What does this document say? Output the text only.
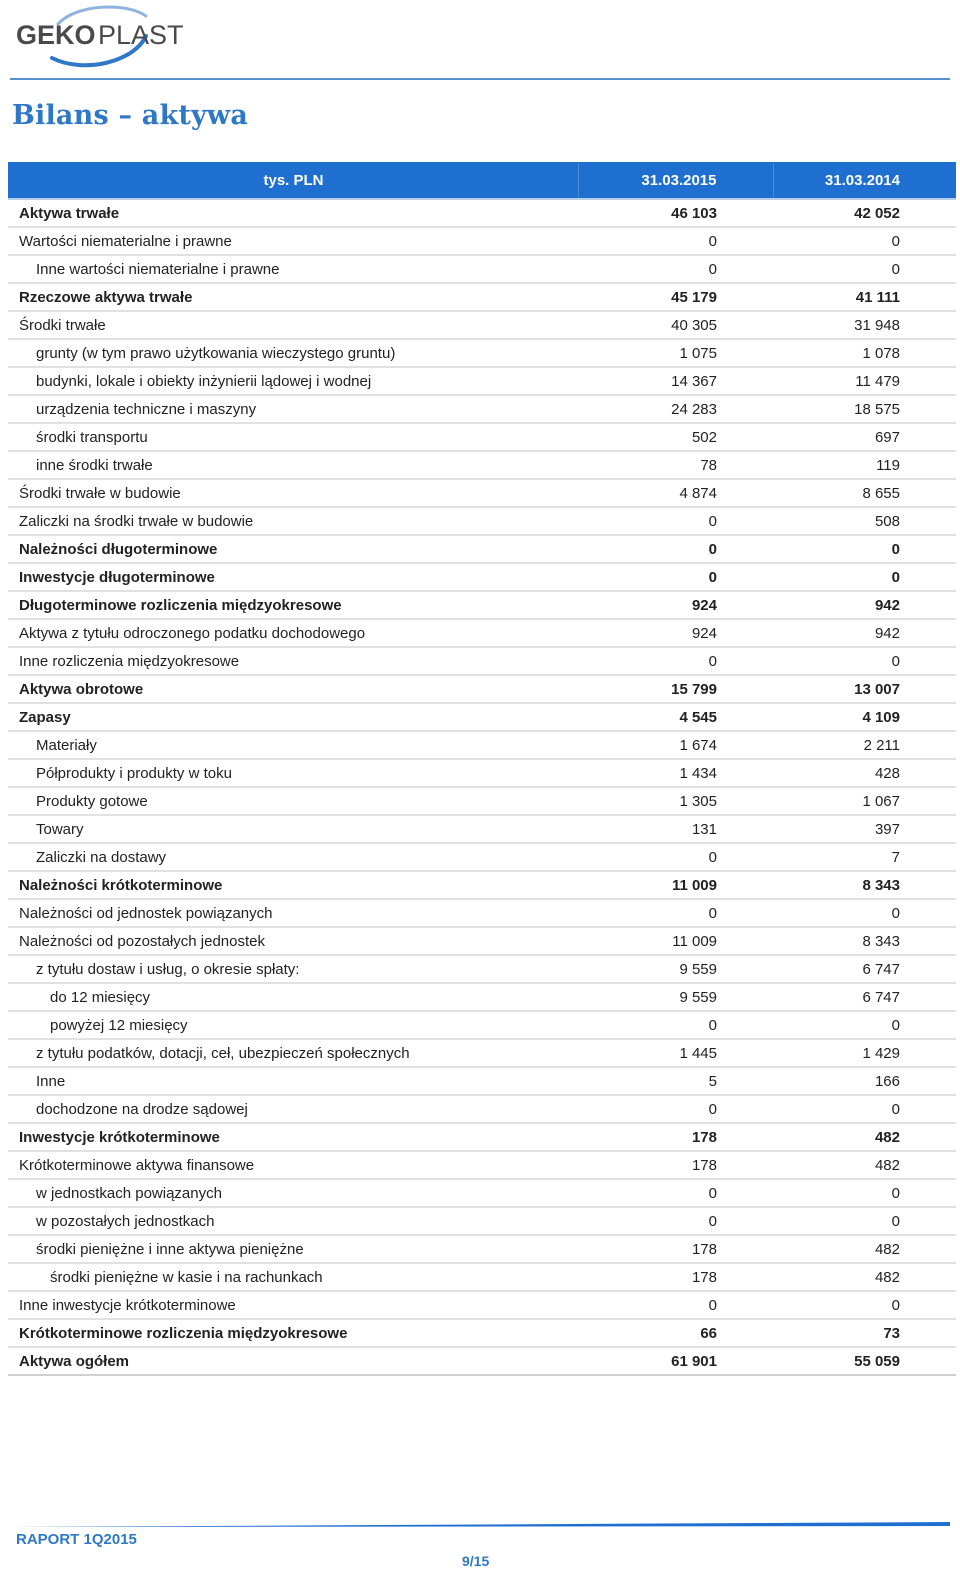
GEKO PLAST
Bilans – aktywa
tys. PLN	31.03.2015	31.03.2014
Aktywa trwałe	46 103	42 052
Wartości niematerialne i prawne	0	0
Inne wartości niematerialne i prawne	0	0
Rzeczowe aktywa trwałe	45 179	41 111
Środki trwałe	40 305	31 948
grunty (w tym prawo użytkowania wieczystego gruntu)	1 075	1 078
budynki, lokale i obiekty inżynierii lądowej i wodnej	14 367	11 479
urządzenia techniczne i maszyny	24 283	18 575
środki transportu	502	697
inne środki trwałe	78	119
Środki trwałe w budowie	4 874	8 655
Zaliczki na środki trwałe w budowie	0	508
Należności długoterminowe	0	0
Inwestycje długoterminowe	0	0
Długoterminowe rozliczenia międzyokresowe	924	942
Aktywa z tytułu odroczonego podatku dochodowego	924	942
Inne rozliczenia międzyokresowe	0	0
Aktywa obrotowe	15 799	13 007
Zapasy	4 545	4 109
Materiały	1 674	2 211
Półprodukty i produkty w toku	1 434	428
Produkty gotowe	1 305	1 067
Towary	131	397
Zaliczki na dostawy	0	7
Należności krótkoterminowe	11 009	8 343
Należności od jednostek powiązanych	0	0
Należności od pozostałych jednostek	11 009	8 343
z tytułu dostaw i usług, o okresie spłaty:	9 559	6 747
do 12 miesięcy	9 559	6 747
powyżej 12 miesięcy	0	0
z tytułu podatków, dotacji, ceł, ubezpieczeń społecznych	1 445	1 429
Inne	5	166
dochodzone na drodze sądowej	0	0
Inwestycje krótkoterminowe	178	482
Krótkoterminowe aktywa finansowe	178	482
w jednostkach powiązanych	0	0
w pozostałych jednostkach	0	0
środki pieniężne i inne aktywa pieniężne	178	482
środki pieniężne w kasie i na rachunkach	178	482
Inne inwestycje krótkoterminowe	0	0
Krótkoterminowe rozliczenia międzyokresowe	66	73
Aktywa ogółem	61 901	55 059
RAPORT 1Q2015
9/15
